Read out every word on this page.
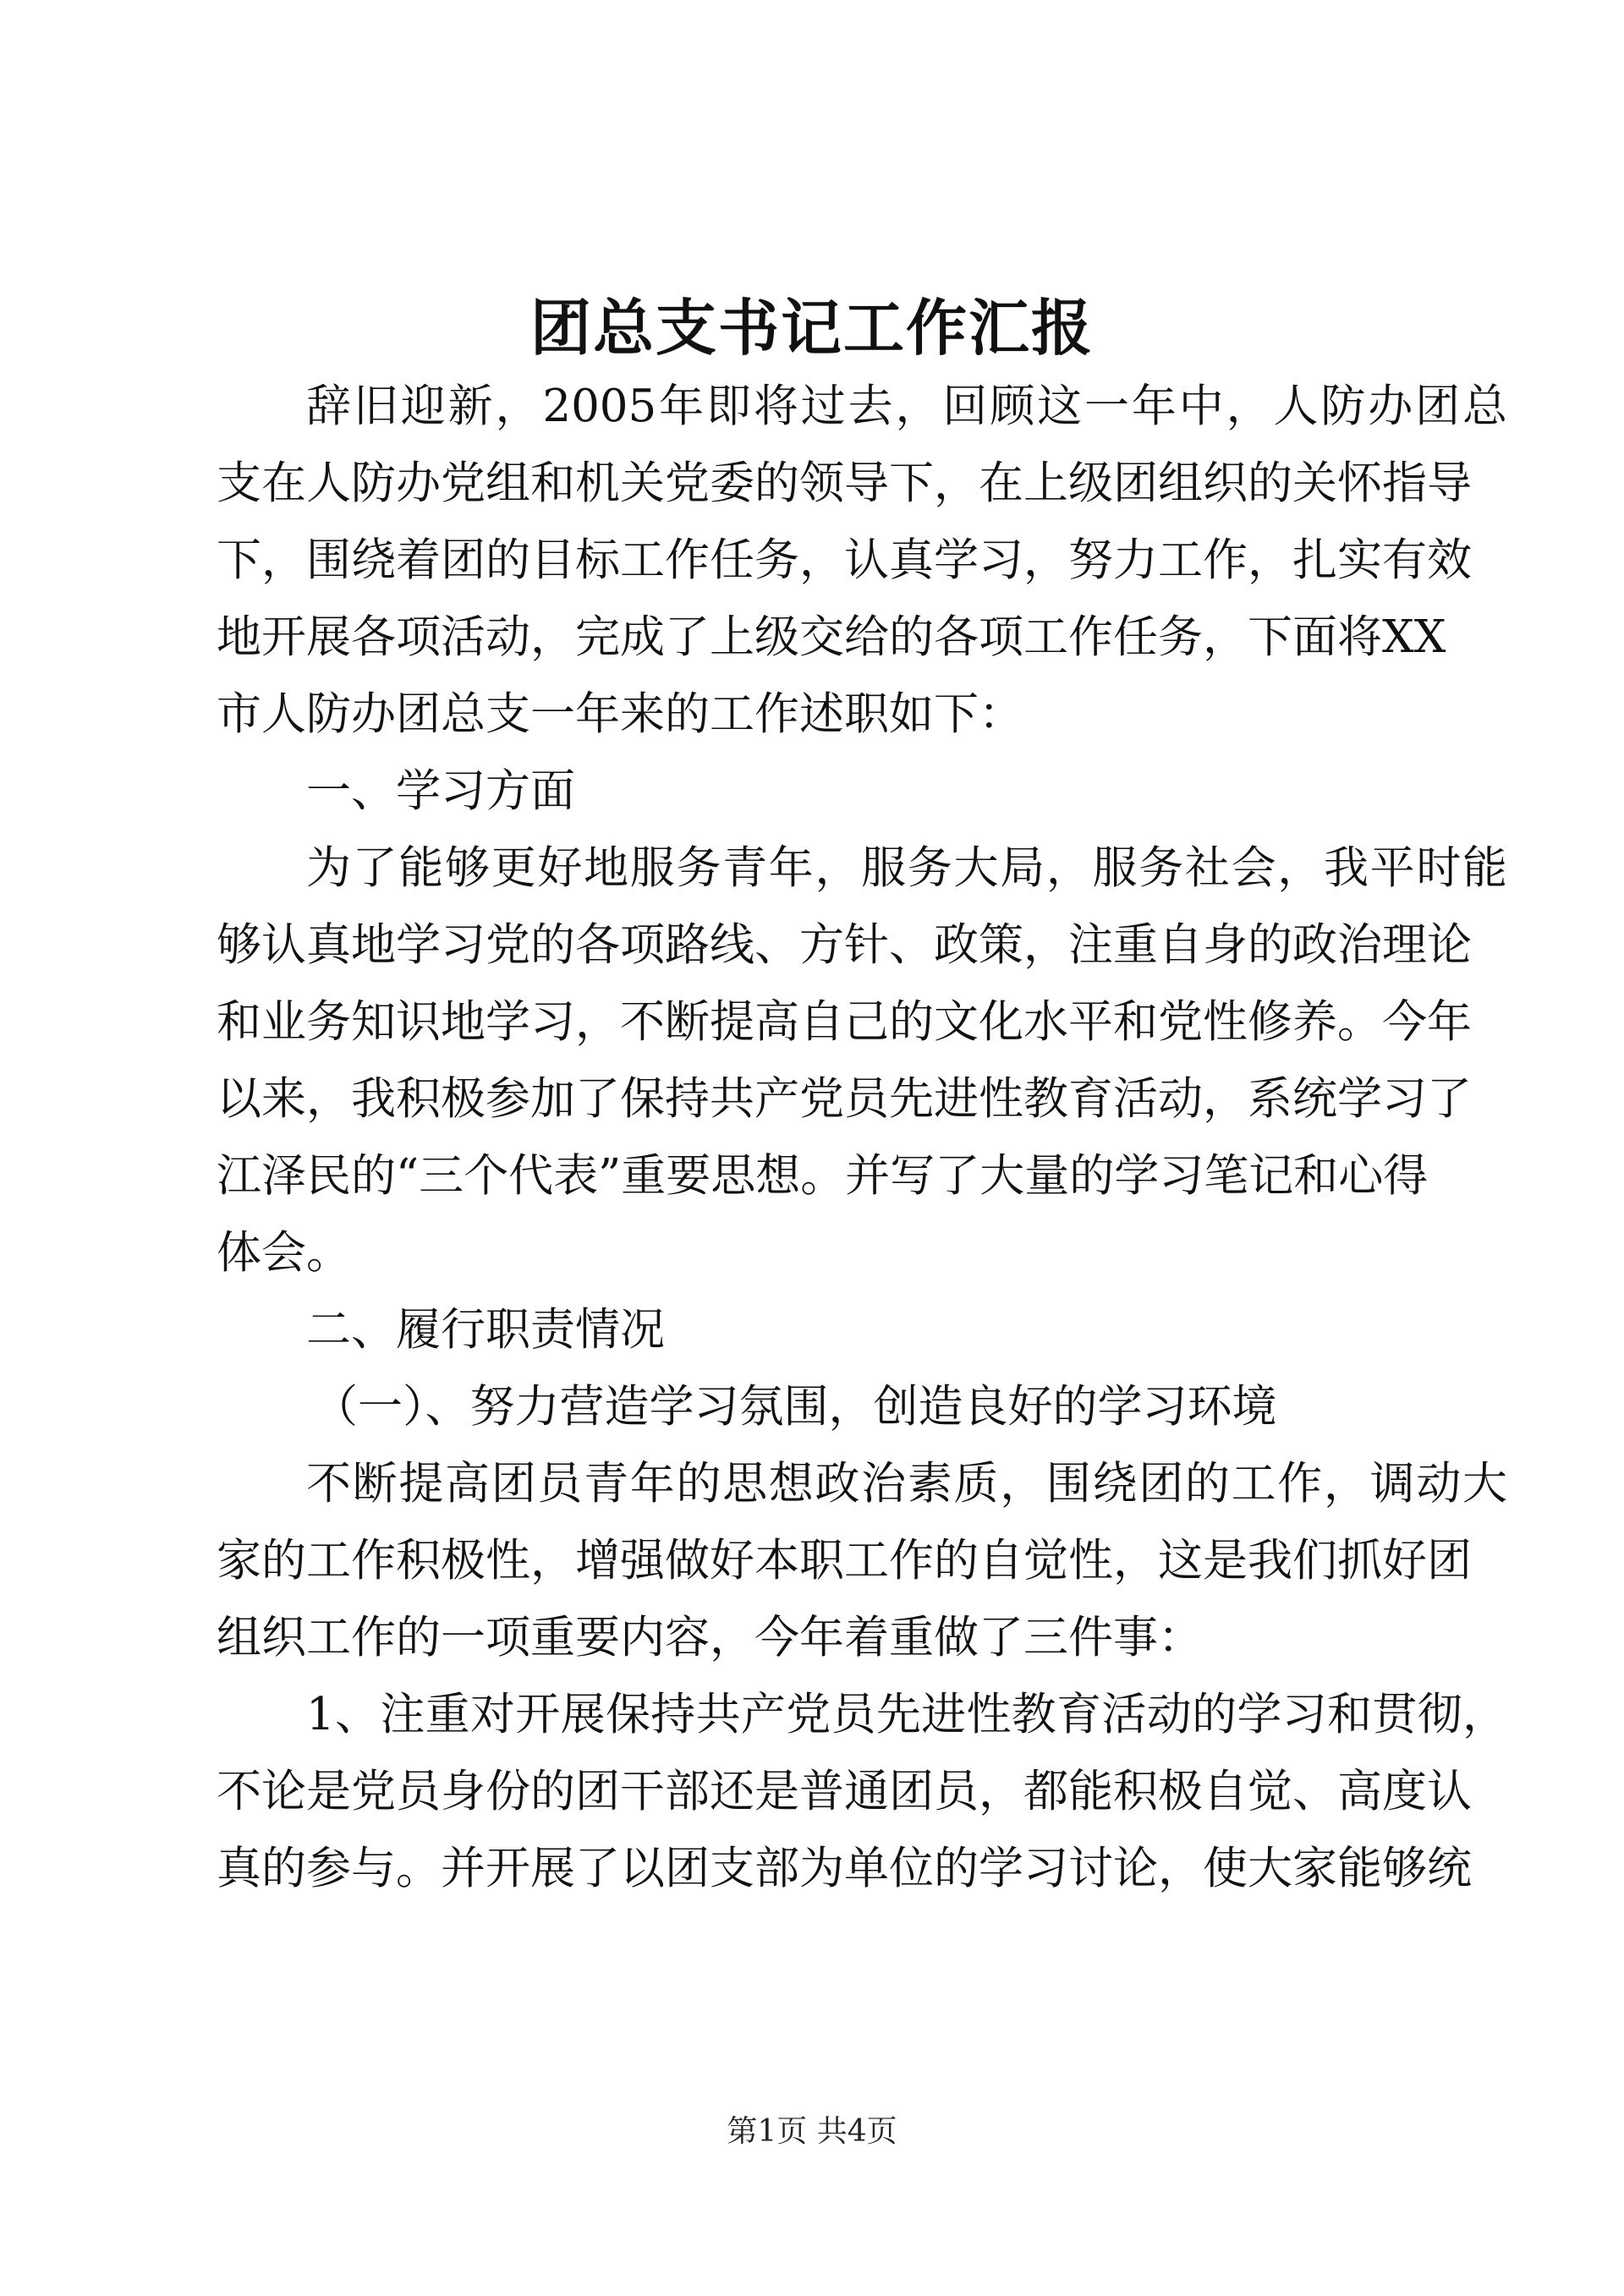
团总支书记工作汇报

辞旧迎新，2005年即将过去，回顾这一年中，人防办团总

支在人防办党组和机关党委的领导下，在上级团组织的关怀指导

下，围绕着团的目标工作任务，认真学习，努力工作，扎实有效

地开展各项活动，完成了上级交给的各项工作任务，下面将XX

市人防办团总支一年来的工作述职如下：

一、学习方面

为了能够更好地服务青年，服务大局，服务社会，我平时能

够认真地学习党的各项路线、方针、政策，注重自身的政治理论

和业务知识地学习，不断提高自己的文化水平和党性修养。今年

以来，我积极参加了保持共产党员先进性教育活动，系统学习了

江泽民的“三个代表”重要思想。并写了大量的学习笔记和心得

体会。

二、履行职责情况

（一）、努力营造学习氛围，创造良好的学习环境

不断提高团员青年的思想政治素质，围绕团的工作，调动大

家的工作积极性，增强做好本职工作的自觉性，这是我们抓好团

组织工作的一项重要内容，今年着重做了三件事：

1、注重对开展保持共产党员先进性教育活动的学习和贯彻，

不论是党员身份的团干部还是普通团员，都能积极自觉、高度认

真的参与。并开展了以团支部为单位的学习讨论，使大家能够统

第1页 共4页
